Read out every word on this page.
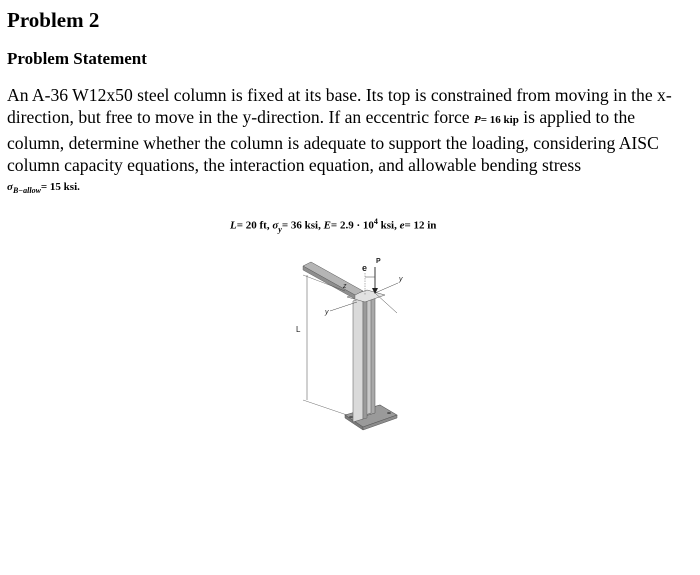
Problem 2
Problem Statement

An A-36 W12x50 steel column is fixed at its base. Its top is constrained from moving in the x-direction, but free to move in the y-direction. If an eccentric force P= 16 kip is applied to the column, determine whether the column is adequate to support the loading, considering AISC column capacity equations, the interaction equation, and allowable bending stress

$\sigma_{B-allow}= 15$ ksi.
L= 20 ft, $\sigma_y= 36$ ksi, $E= 2.9 \cdot 10^4$ ksi, e= 12 in
e
P
L
y
y
z
